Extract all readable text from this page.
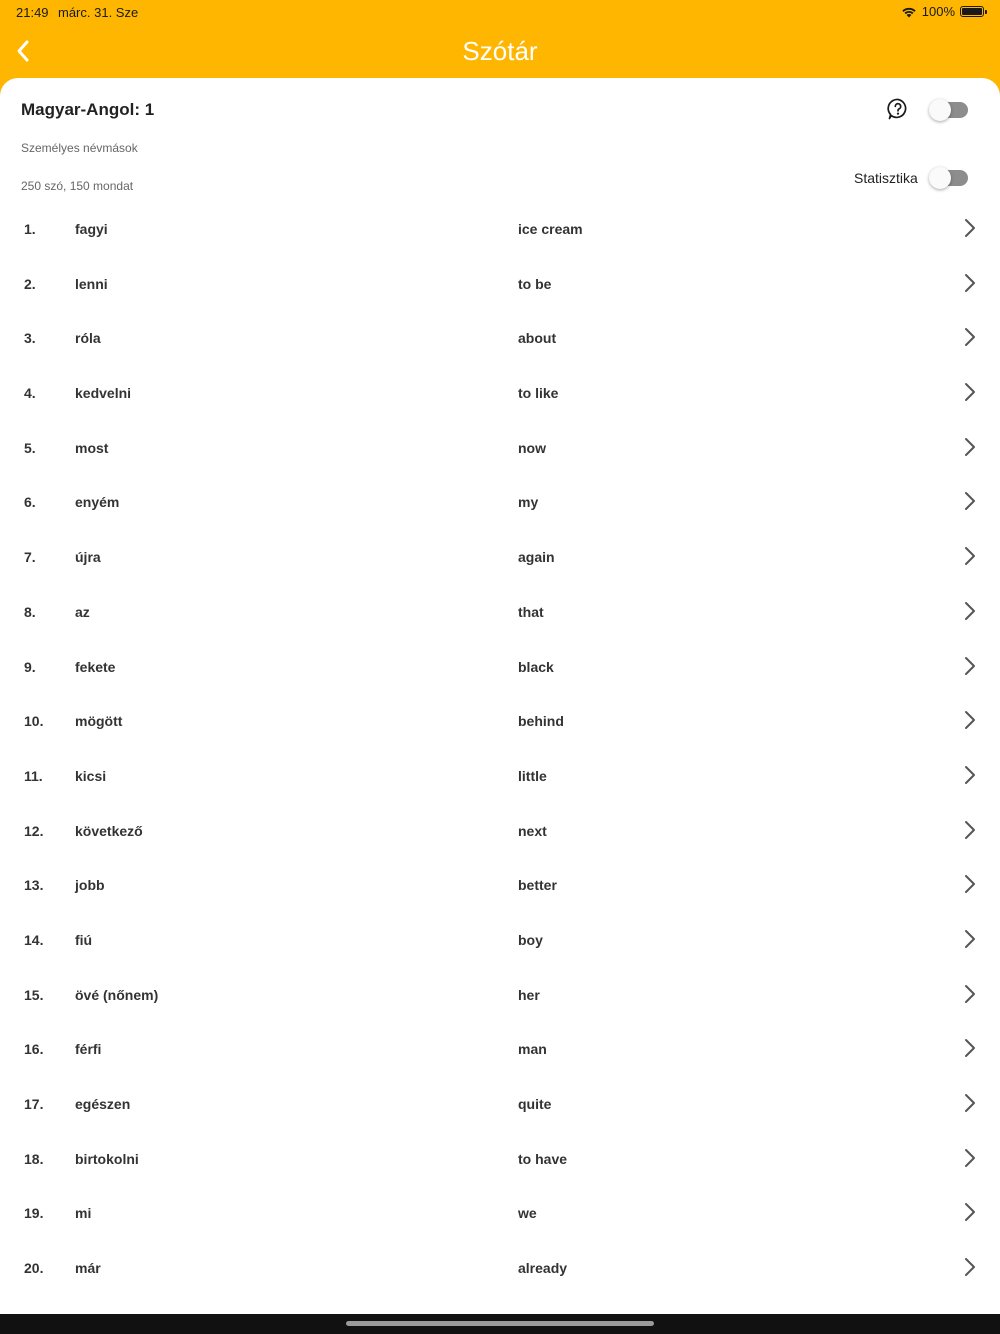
21:49 márc. 31. Sze	100%
Szótár
Magyar-Angol: 1
Személyes névmások
250 szó, 150 mondat	Statisztika
1.	fagyi	ice cream
2.	lenni	to be
3.	róla	about
4.	kedvelni	to like
5.	most	now
6.	enyém	my
7.	újra	again
8.	az	that
9.	fekete	black
10. mögött	behind
11. kicsi	little
12. következő	next
13. jobb	better
14. fiú	boy
15. övé (nőnem)	her
16. férfi	man
17. egészen	quite
18. birtokolni	to have
19. mi	we
20. már	already
